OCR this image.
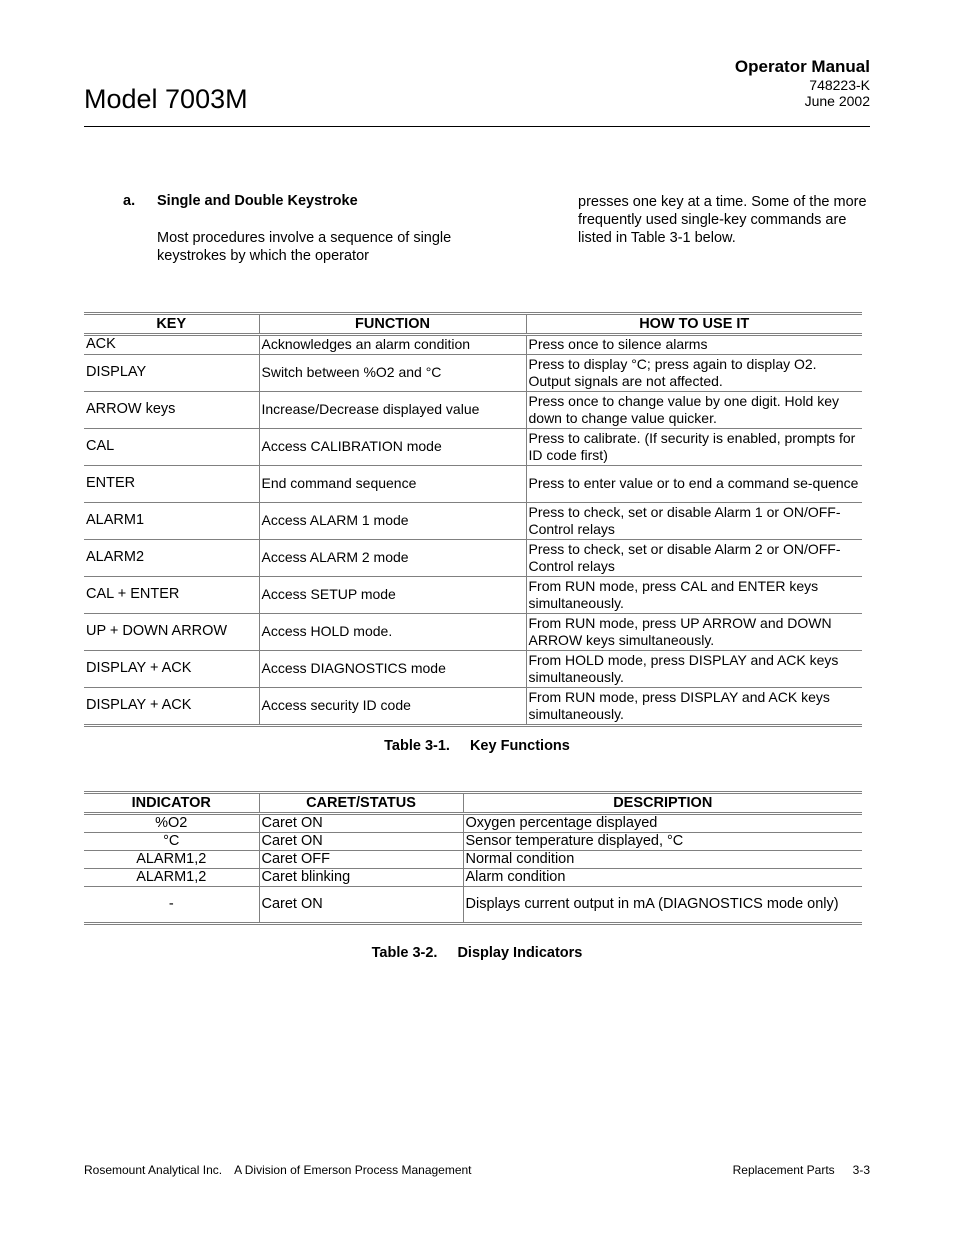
Model 7003M
Operator Manual
748223-K
June 2002
a. Single and Double Keystroke
Most procedures involve a sequence of single keystrokes by which the operator
presses one key at a time. Some of the more frequently used single-key commands are listed in Table 3-1 below.
KEY	FUNCTION	HOW TO USE IT
ACK	Acknowledges an alarm condition	Press once to silence alarms
DISPLAY	Switch between %O2 and °C	Press to display °C; press again to display O2. Output signals are not affected.
ARROW keys	Increase/Decrease displayed value	Press once to change value by one digit. Hold key down to change value quicker.
CAL	Access CALIBRATION mode	Press to calibrate. (If security is enabled, prompts for ID code first)
ENTER	End command sequence	Press to enter value or to end a command se-quence
ALARM1	Access ALARM 1 mode	Press to check, set or disable Alarm 1 or ON/OFF-Control relays
ALARM2	Access ALARM 2 mode	Press to check, set or disable Alarm 2 or ON/OFF-Control relays
CAL + ENTER	Access SETUP mode	From RUN mode, press CAL and ENTER keys simultaneously.
UP + DOWN ARROW	Access HOLD mode.	From RUN mode, press UP ARROW and DOWN ARROW keys simultaneously.
DISPLAY + ACK	Access DIAGNOSTICS mode	From HOLD mode, press DISPLAY and ACK keys simultaneously.
DISPLAY + ACK	Access security ID code	From RUN mode, press DISPLAY and ACK keys simultaneously.
Table 3-1. Key Functions
INDICATOR	CARET/STATUS	DESCRIPTION
%O2	Caret ON	Oxygen percentage displayed
°C	Caret ON	Sensor temperature displayed, °C
ALARM1,2	Caret OFF	Normal condition
ALARM1,2	Caret blinking	Alarm condition
-	Caret ON	Displays current output in mA (DIAGNOSTICS mode only)
Table 3-2. Display Indicators
Rosemount Analytical Inc. A Division of Emerson Process Management	Replacement Parts 3-3
